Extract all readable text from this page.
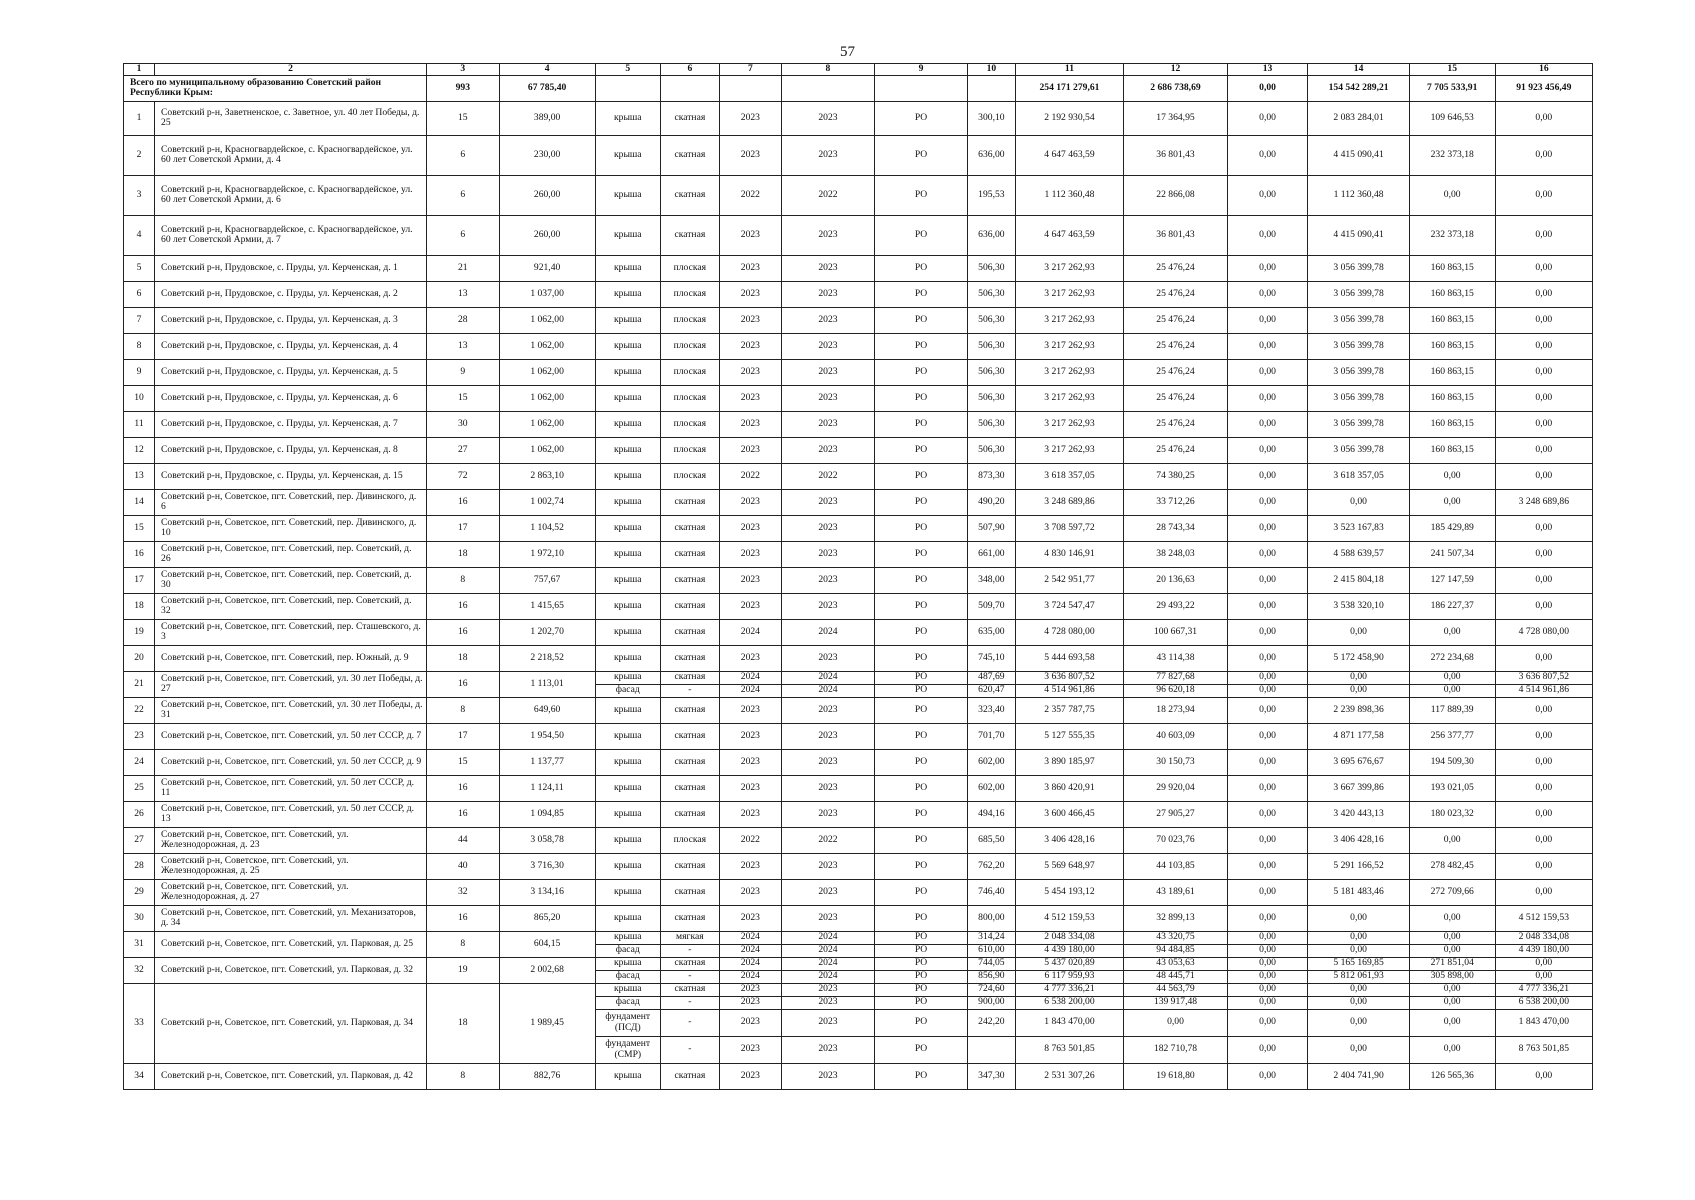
57
1	2	3	4	5	6	7	8	9	10	11	12	13	14	15	16
Всего по муниципальному образованию Советский район Республики Крым:		993	67 785,40							254 171 279,61	2 686 738,69	0,00	154 542 289,21	7 705 533,91	91 923 456,49
1	Советский р-н, Заветненское, с. Заветное, ул. 40 лет Победы, д. 25	15	389,00	крыша	скатная	2023	2023	РО	300,10	2 192 930,54	17 364,95	0,00	2 083 284,01	109 646,53	0,00
2	Советский р-н, Красногвардейское, с. Красногвардейское, ул. 60 лет Советской Армии, д. 4	6	230,00	крыша	скатная	2023	2023	РО	636,00	4 647 463,59	36 801,43	0,00	4 415 090,41	232 373,18	0,00
3	Советский р-н, Красногвардейское, с. Красногвардейское, ул. 60 лет Советской Армии, д. 6	6	260,00	крыша	скатная	2022	2022	РО	195,53	1 112 360,48	22 866,08	0,00	1 112 360,48	0,00	0,00
4	Советский р-н, Красногвардейское, с. Красногвардейское, ул. 60 лет Советской Армии, д. 7	6	260,00	крыша	скатная	2023	2023	РО	636,00	4 647 463,59	36 801,43	0,00	4 415 090,41	232 373,18	0,00
5	Советский р-н, Прудовское, с. Пруды, ул. Керченская, д. 1	21	921,40	крыша	плоская	2023	2023	РО	506,30	3 217 262,93	25 476,24	0,00	3 056 399,78	160 863,15	0,00
6	Советский р-н, Прудовское, с. Пруды, ул. Керченская, д. 2	13	1 037,00	крыша	плоская	2023	2023	РО	506,30	3 217 262,93	25 476,24	0,00	3 056 399,78	160 863,15	0,00
7	Советский р-н, Прудовское, с. Пруды, ул. Керченская, д. 3	28	1 062,00	крыша	плоская	2023	2023	РО	506,30	3 217 262,93	25 476,24	0,00	3 056 399,78	160 863,15	0,00
8	Советский р-н, Прудовское, с. Пруды, ул. Керченская, д. 4	13	1 062,00	крыша	плоская	2023	2023	РО	506,30	3 217 262,93	25 476,24	0,00	3 056 399,78	160 863,15	0,00
9	Советский р-н, Прудовское, с. Пруды, ул. Керченская, д. 5	9	1 062,00	крыша	плоская	2023	2023	РО	506,30	3 217 262,93	25 476,24	0,00	3 056 399,78	160 863,15	0,00
10	Советский р-н, Прудовское, с. Пруды, ул. Керченская, д. 6	15	1 062,00	крыша	плоская	2023	2023	РО	506,30	3 217 262,93	25 476,24	0,00	3 056 399,78	160 863,15	0,00
11	Советский р-н, Прудовское, с. Пруды, ул. Керченская, д. 7	30	1 062,00	крыша	плоская	2023	2023	РО	506,30	3 217 262,93	25 476,24	0,00	3 056 399,78	160 863,15	0,00
12	Советский р-н, Прудовское, с. Пруды, ул. Керченская, д. 8	27	1 062,00	крыша	плоская	2023	2023	РО	506,30	3 217 262,93	25 476,24	0,00	3 056 399,78	160 863,15	0,00
13	Советский р-н, Прудовское, с. Пруды, ул. Керченская, д. 15	72	2 863,10	крыша	плоская	2022	2022	РО	873,30	3 618 357,05	74 380,25	0,00	3 618 357,05	0,00	0,00
14	Советский р-н, Советское, пгт. Советский, пер. Дивинского, д. 6	16	1 002,74	крыша	скатная	2023	2023	РО	490,20	3 248 689,86	33 712,26	0,00	0,00	0,00	3 248 689,86
15	Советский р-н, Советское, пгт. Советский, пер. Дивинского, д. 10	17	1 104,52	крыша	скатная	2023	2023	РО	507,90	3 708 597,72	28 743,34	0,00	3 523 167,83	185 429,89	0,00
16	Советский р-н, Советское, пгт. Советский, пер. Советский, д. 26	18	1 972,10	крыша	скатная	2023	2023	РО	661,00	4 830 146,91	38 248,03	0,00	4 588 639,57	241 507,34	0,00
17	Советский р-н, Советское, пгт. Советский, пер. Советский, д. 30	8	757,67	крыша	скатная	2023	2023	РО	348,00	2 542 951,77	20 136,63	0,00	2 415 804,18	127 147,59	0,00
18	Советский р-н, Советское, пгт. Советский, пер. Советский, д. 32	16	1 415,65	крыша	скатная	2023	2023	РО	509,70	3 724 547,47	29 493,22	0,00	3 538 320,10	186 227,37	0,00
19	Советский р-н, Советское, пгт. Советский, пер. Сташевского, д. 3	16	1 202,70	крыша	скатная	2024	2024	РО	635,00	4 728 080,00	100 667,31	0,00	0,00	0,00	4 728 080,00
20	Советский р-н, Советское, пгт. Советский, пер. Южный, д. 9	18	2 218,52	крыша	скатная	2023	2023	РО	745,10	5 444 693,58	43 114,38	0,00	5 172 458,90	272 234,68	0,00
21	Советский р-н, Советское, пгт. Советский, ул. 30 лет Победы, д. 27	16	1 113,01	крыша	скатная	2024	2024	РО	487,69	3 636 807,52	77 827,68	0,00	0,00	0,00	3 636 807,52
				фасад	-	2024	2024	РО	620,47	4 514 961,86	96 620,18	0,00	0,00	0,00	4 514 961,86
22	Советский р-н, Советское, пгт. Советский, ул. 30 лет Победы, д. 31	8	649,60	крыша	скатная	2023	2023	РО	323,40	2 357 787,75	18 273,94	0,00	2 239 898,36	117 889,39	0,00
23	Советский р-н, Советское, пгт. Советский, ул. 50 лет СССР, д. 7	17	1 954,50	крыша	скатная	2023	2023	РО	701,70	5 127 555,35	40 603,09	0,00	4 871 177,58	256 377,77	0,00
24	Советский р-н, Советское, пгт. Советский, ул. 50 лет СССР, д. 9	15	1 137,77	крыша	скатная	2023	2023	РО	602,00	3 890 185,97	30 150,73	0,00	3 695 676,67	194 509,30	0,00
25	Советский р-н, Советское, пгт. Советский, ул. 50 лет СССР, д. 11	16	1 124,11	крыша	скатная	2023	2023	РО	602,00	3 860 420,91	29 920,04	0,00	3 667 399,86	193 021,05	0,00
26	Советский р-н, Советское, пгт. Советский, ул. 50 лет СССР, д. 13	16	1 094,85	крыша	скатная	2023	2023	РО	494,16	3 600 466,45	27 905,27	0,00	3 420 443,13	180 023,32	0,00
27	Советский р-н, Советское, пгт. Советский, ул. Железнодорожная, д. 23	44	3 058,78	крыша	плоская	2022	2022	РО	685,50	3 406 428,16	70 023,76	0,00	3 406 428,16	0,00	0,00
28	Советский р-н, Советское, пгт. Советский, ул. Железнодорожная, д. 25	40	3 716,30	крыша	скатная	2023	2023	РО	762,20	5 569 648,97	44 103,85	0,00	5 291 166,52	278 482,45	0,00
29	Советский р-н, Советское, пгт. Советский, ул. Железнодорожная, д. 27	32	3 134,16	крыша	скатная	2023	2023	РО	746,40	5 454 193,12	43 189,61	0,00	5 181 483,46	272 709,66	0,00
30	Советский р-н, Советское, пгт. Советский, ул. Механизаторов, д. 34	16	865,20	крыша	скатная	2023	2023	РО	800,00	4 512 159,53	32 899,13	0,00	0,00	0,00	4 512 159,53
31	Советский р-н, Советское, пгт. Советский, ул. Парковая, д. 25	8	604,15	крыша	мягкая	2024	2024	РО	314,24	2 048 334,08	43 320,75	0,00	0,00	0,00	2 048 334,08
				фасад	-	2024	2024	РО	610,00	4 439 180,00	94 484,85	0,00	0,00	0,00	4 439 180,00
32	Советский р-н, Советское, пгт. Советский, ул. Парковая, д. 32	19	2 002,68	крыша	скатная	2024	2024	РО	744,05	5 437 020,89	43 053,63	0,00	5 165 169,85	271 851,04	0,00
				фасад	-	2024	2024	РО	856,90	6 117 959,93	48 445,71	0,00	5 812 061,93	305 898,00	0,00
33	Советский р-н, Советское, пгт. Советский, ул. Парковая, д. 34	18	1 989,45	крыша	скатная	2023	2023	РО	724,60	4 777 336,21	44 563,79	0,00	0,00	0,00	4 777 336,21
				фасад	-	2023	2023	РО	900,00	6 538 200,00	139 917,48	0,00	0,00	0,00	6 538 200,00
				фундамент (ПСД)	-	2023	2023	РО	242,20	1 843 470,00	0,00	0,00	0,00	0,00	1 843 470,00
				фундамент (СМР)	-	2023	2023	РО		8 763 501,85	182 710,78	0,00	0,00	0,00	8 763 501,85
34	Советский р-н, Советское, пгт. Советский, ул. Парковая, д. 42	8	882,76	крыша	скатная	2023	2023	РО	347,30	2 531 307,26	19 618,80	0,00	2 404 741,90	126 565,36	0,00
